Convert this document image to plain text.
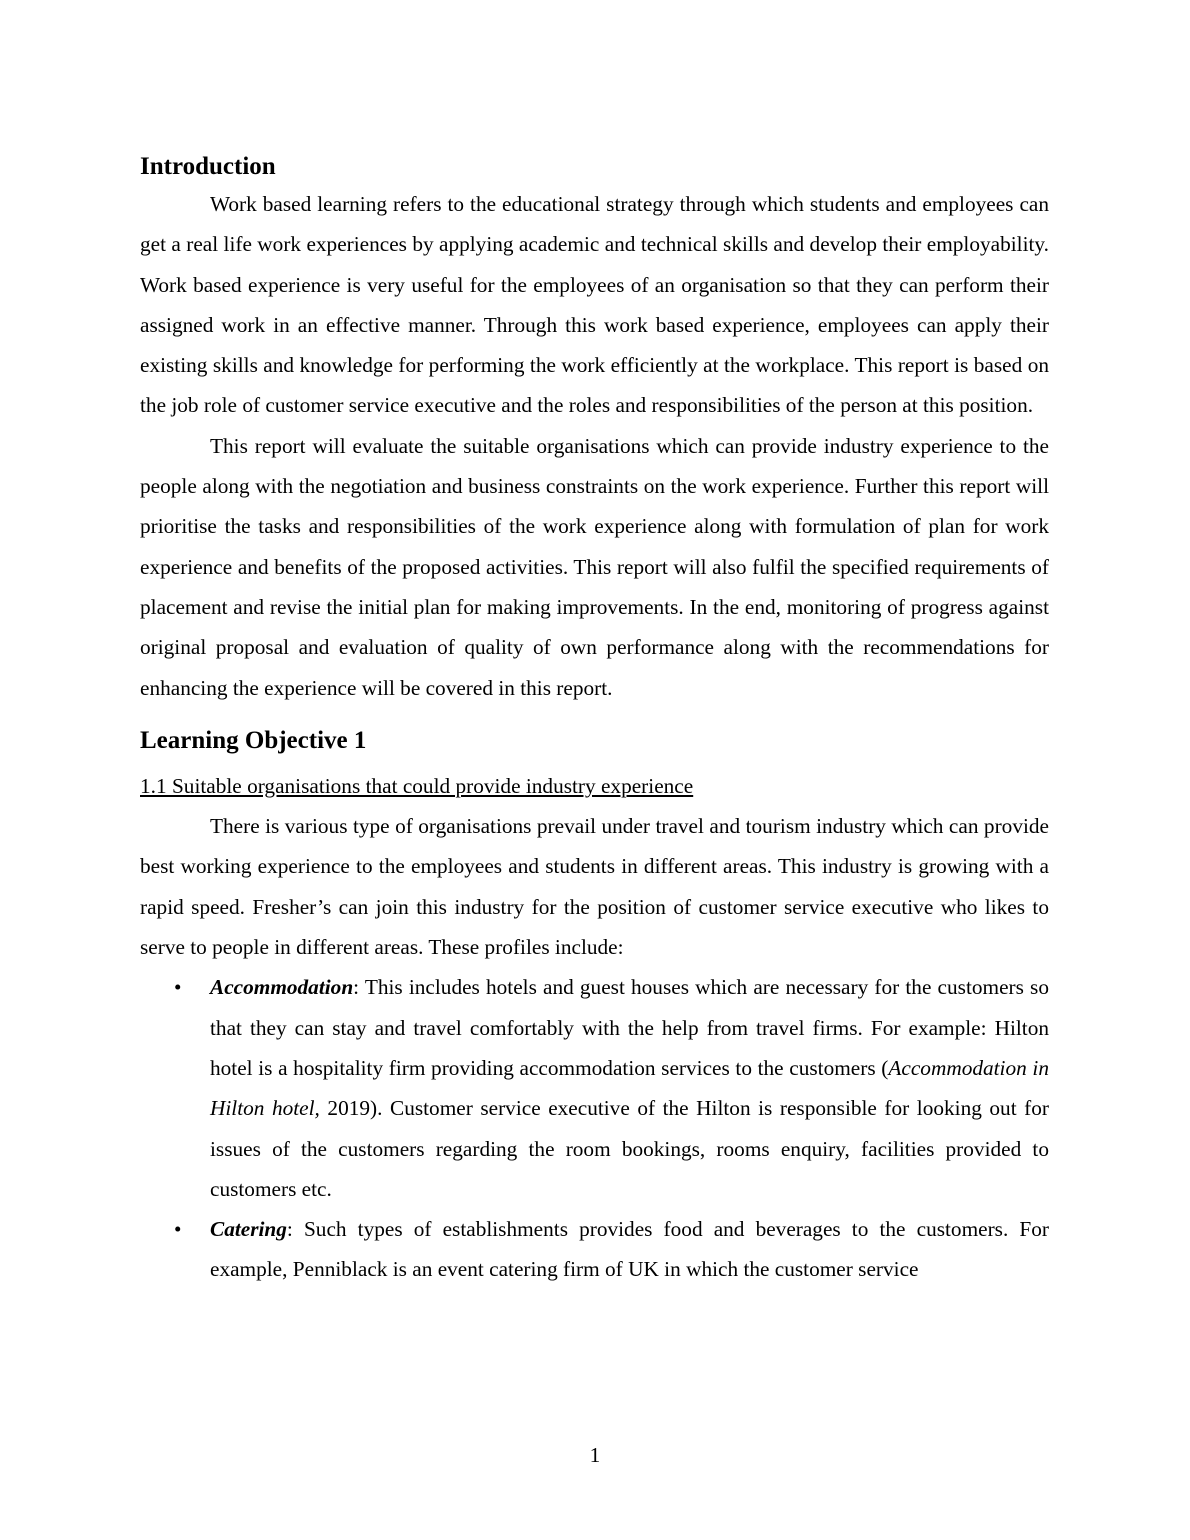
Introduction

Work based learning refers to the educational strategy through which students and employees can get a real life work experiences by applying academic and technical skills and develop their employability. Work based experience is very useful for the employees of an organisation so that they can perform their assigned work in an effective manner. Through this work based experience, employees can apply their existing skills and knowledge for performing the work efficiently at the workplace. This report is based on the job role of customer service executive and the roles and responsibilities of the person at this position.

This report will evaluate the suitable organisations which can provide industry experience to the people along with the negotiation and business constraints on the work experience. Further this report will prioritise the tasks and responsibilities of the work experience along with formulation of plan for work experience and benefits of the proposed activities. This report will also fulfil the specified requirements of placement and revise the initial plan for making improvements. In the end, monitoring of progress against original proposal and evaluation of quality of own performance along with the recommendations for enhancing the experience will be covered in this report.

Learning Objective 1
1.1 Suitable organisations that could provide industry experience

There is various type of organisations prevail under travel and tourism industry which can provide best working experience to the employees and students in different areas. This industry is growing with a rapid speed. Fresher’s can join this industry for the position of customer service executive who likes to serve to people in different areas. These profiles include:

• Accommodation: This includes hotels and guest houses which are necessary for the customers so that they can stay and travel comfortably with the help from travel firms. For example: Hilton hotel is a hospitality firm providing accommodation services to the customers (Accommodation in Hilton hotel, 2019). Customer service executive of the Hilton is responsible for looking out for issues of the customers regarding the room bookings, rooms enquiry, facilities provided to customers etc.
• Catering: Such types of establishments provides food and beverages to the customers. For example, Penniblack is an event catering firm of UK in which the customer service
1
